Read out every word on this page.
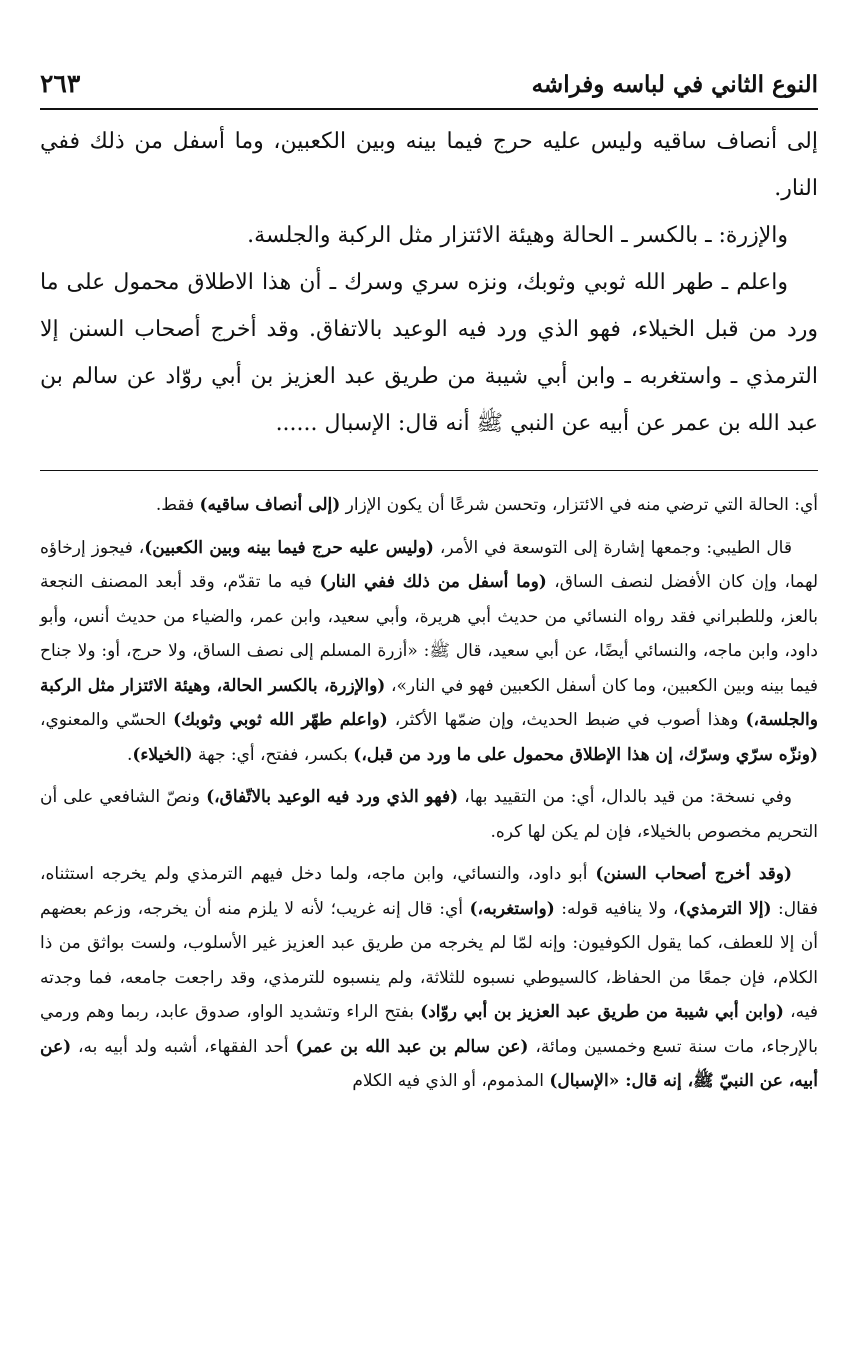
النوع الثاني في لباسه وفراشه
٢٦٣

إلى أنصاف ساقيه وليس عليه حرج فيما بينه وبين الكعبين، وما أسفل من ذلك ففي النار.

والإزرة: ـ بالكسر ـ الحالة وهيئة الائتزار مثل الركبة والجلسة.

واعلم ـ طهر الله ثوبي وثوبك، ونزه سري وسرك ـ أن هذا الاطلاق محمول على ما ورد من قبل الخيلاء، فهو الذي ورد فيه الوعيد بالاتفاق. وقد أخرج أصحاب السنن إلا الترمذي ـ واستغربه ـ وابن أبي شيبة من طريق عبد العزيز بن أبي روّاد عن سالم بن عبد الله بن عمر عن أبيه عن النبي ﷺ أنه قال: الإسبال ......

أي: الحالة التي ترضي منه في الائتزار، وتحسن شرعًا أن يكون الإزار (إلى أنصاف ساقيه) فقط.

قال الطيبي: وجمعها إشارة إلى التوسعة في الأمر، (وليس عليه حرج فيما بينه وبين الكعبين)، فيجوز إرخاؤه لهما، وإن كان الأفضل لنصف الساق، (وما أسفل من ذلك ففي النار) فيه ما تقدّم، وقد أبعد المصنف النجعة بالعز، وللطبراني فقد رواه النسائي من حديث أبي هريرة، وأبي سعيد، وابن عمر، والضياء من حديث أنس، وأبو داود، وابن ماجه، والنسائي أيضًا، عن أبي سعيد، قال ﷺ: «أزرة المسلم إلى نصف الساق، ولا حرج، أو: ولا جناح فيما بينه وبين الكعبين، وما كان أسفل الكعبين فهو في النار»، (والإزرة، بالكسر الحالة، وهيئة الائتزار مثل الركبة والجلسة،) وهذا أصوب في ضبط الحديث، وإن ضمّها الأكثر، (واعلم طهّر الله ثوبي وثوبك) الحسّي والمعنوي، (ونزّه سرّي وسرّك، إن هذا الإطلاق محمول على ما ورد من قبل،) بكسر، ففتح، أي: جهة (الخيلاء).

وفي نسخة: من قيد بالدال، أي: من التقييد بها، (فهو الذي ورد فيه الوعيد بالاتّفاق،) ونصّ الشافعي على أن التحريم مخصوص بالخيلاء، فإن لم يكن لها كره.

(وقد أخرج أصحاب السنن) أبو داود، والنسائي، وابن ماجه، ولما دخل فيهم الترمذي ولم يخرجه استثناه، فقال: (إلا الترمذي)، ولا ينافيه قوله: (واستغربه،) أي: قال إنه غريب؛ لأنه لا يلزم منه أن يخرجه، وزعم بعضهم أن إلا للعطف، كما يقول الكوفيون: وإنه لمّا لم يخرجه من طريق عبد العزيز غير الأسلوب، ولست بواثق من ذا الكلام، فإن جمعًا من الحفاظ، كالسيوطي نسبوه للثلاثة، ولم ينسبوه للترمذي، وقد راجعت جامعه، فما وجدته فيه، (وابن أبي شيبة من طريق عبد العزيز بن أبي روّاد) بفتح الراء وتشديد الواو، صدوق عابد، ربما وهم ورمي بالإرجاء، مات سنة تسع وخمسين ومائة، (عن سالم بن عبد الله بن عمر) أحد الفقهاء، أشبه ولد أبيه به، (عن أبيه، عن النبيّ ﷺ، إنه قال: «الإسبال) المذموم، أو الذي فيه الكلام
